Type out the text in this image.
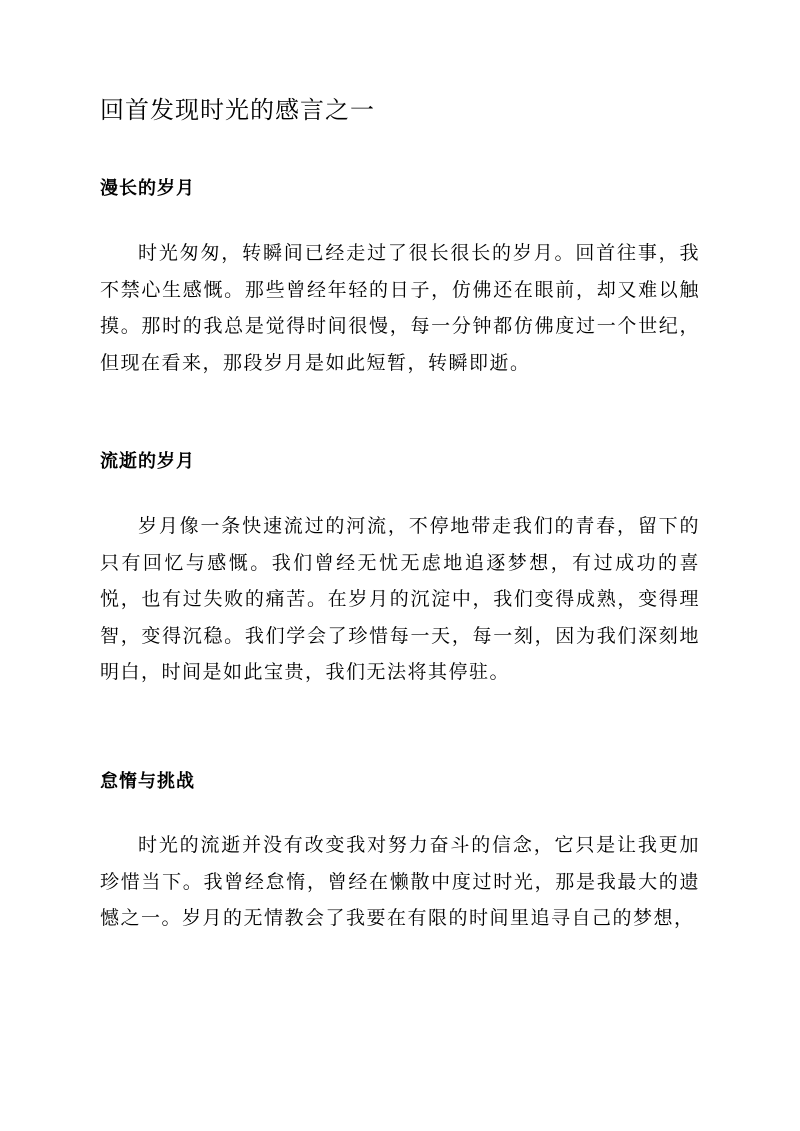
回首发现时光的感言之一
漫长的岁月

时光匆匆，转瞬间已经走过了很长很长的岁月。回首往事，我不禁心生感慨。那些曾经年轻的日子，仿佛还在眼前，却又难以触摸。那时的我总是觉得时间很慢，每一分钟都仿佛度过一个世纪，但现在看来，那段岁月是如此短暂，转瞬即逝。

流逝的岁月

岁月像一条快速流过的河流，不停地带走我们的青春，留下的只有回忆与感慨。我们曾经无忧无虑地追逐梦想，有过成功的喜悦，也有过失败的痛苦。在岁月的沉淀中，我们变得成熟，变得理智，变得沉稳。我们学会了珍惜每一天，每一刻，因为我们深刻地明白，时间是如此宝贵，我们无法将其停驻。

怠惰与挑战

时光的流逝并没有改变我对努力奋斗的信念，它只是让我更加珍惜当下。我曾经怠惰，曾经在懒散中度过时光，那是我最大的遗憾之一。岁月的无情教会了我要在有限的时间里追寻自己的梦想，
